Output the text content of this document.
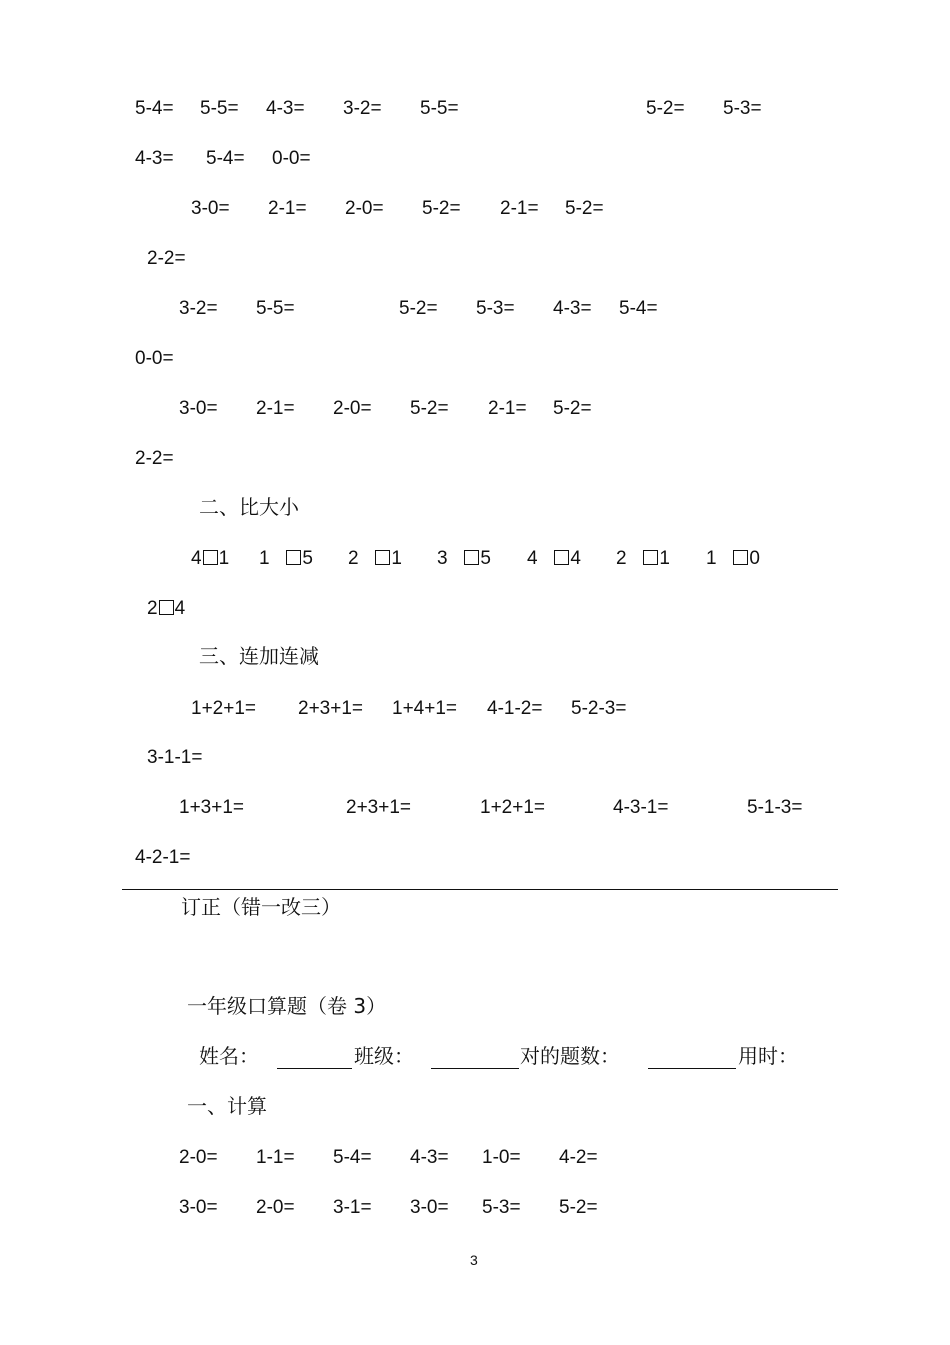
5-4= 5-5= 4-3= 3-2= 5-5=	5-2= 5-3=
4-3= 5-4= 0-0=
3-0= 2-1= 2-0= 5-2= 2-1= 5-2=
2-2=
3-2= 5-5=	5-2= 5-3= 4-3= 5-4=
0-0=
3-0= 2-1= 2-0= 5-2= 2-1= 5-2=
2-2=
二、比大小
4 1 1 5 2 1 3 5 4 4 2 1 1 0
2 4
三、连加连减
1+2+1= 2+3+1= 1+4+1= 4-1-2= 5-2-3=
3-1-1=
1+3+1=	2+3+1=	1+2+1=	4-3-1=	5-1-3=
4-2-1=
订正（错一改三）
一年级口算题（卷 3）
姓名：	班级：	对的题数：	用时：
一、计算
2-0= 1-1= 5-4= 4-3= 1-0= 4-2=
3-0= 2-0= 3-1= 3-0= 5-3= 5-2=
3
